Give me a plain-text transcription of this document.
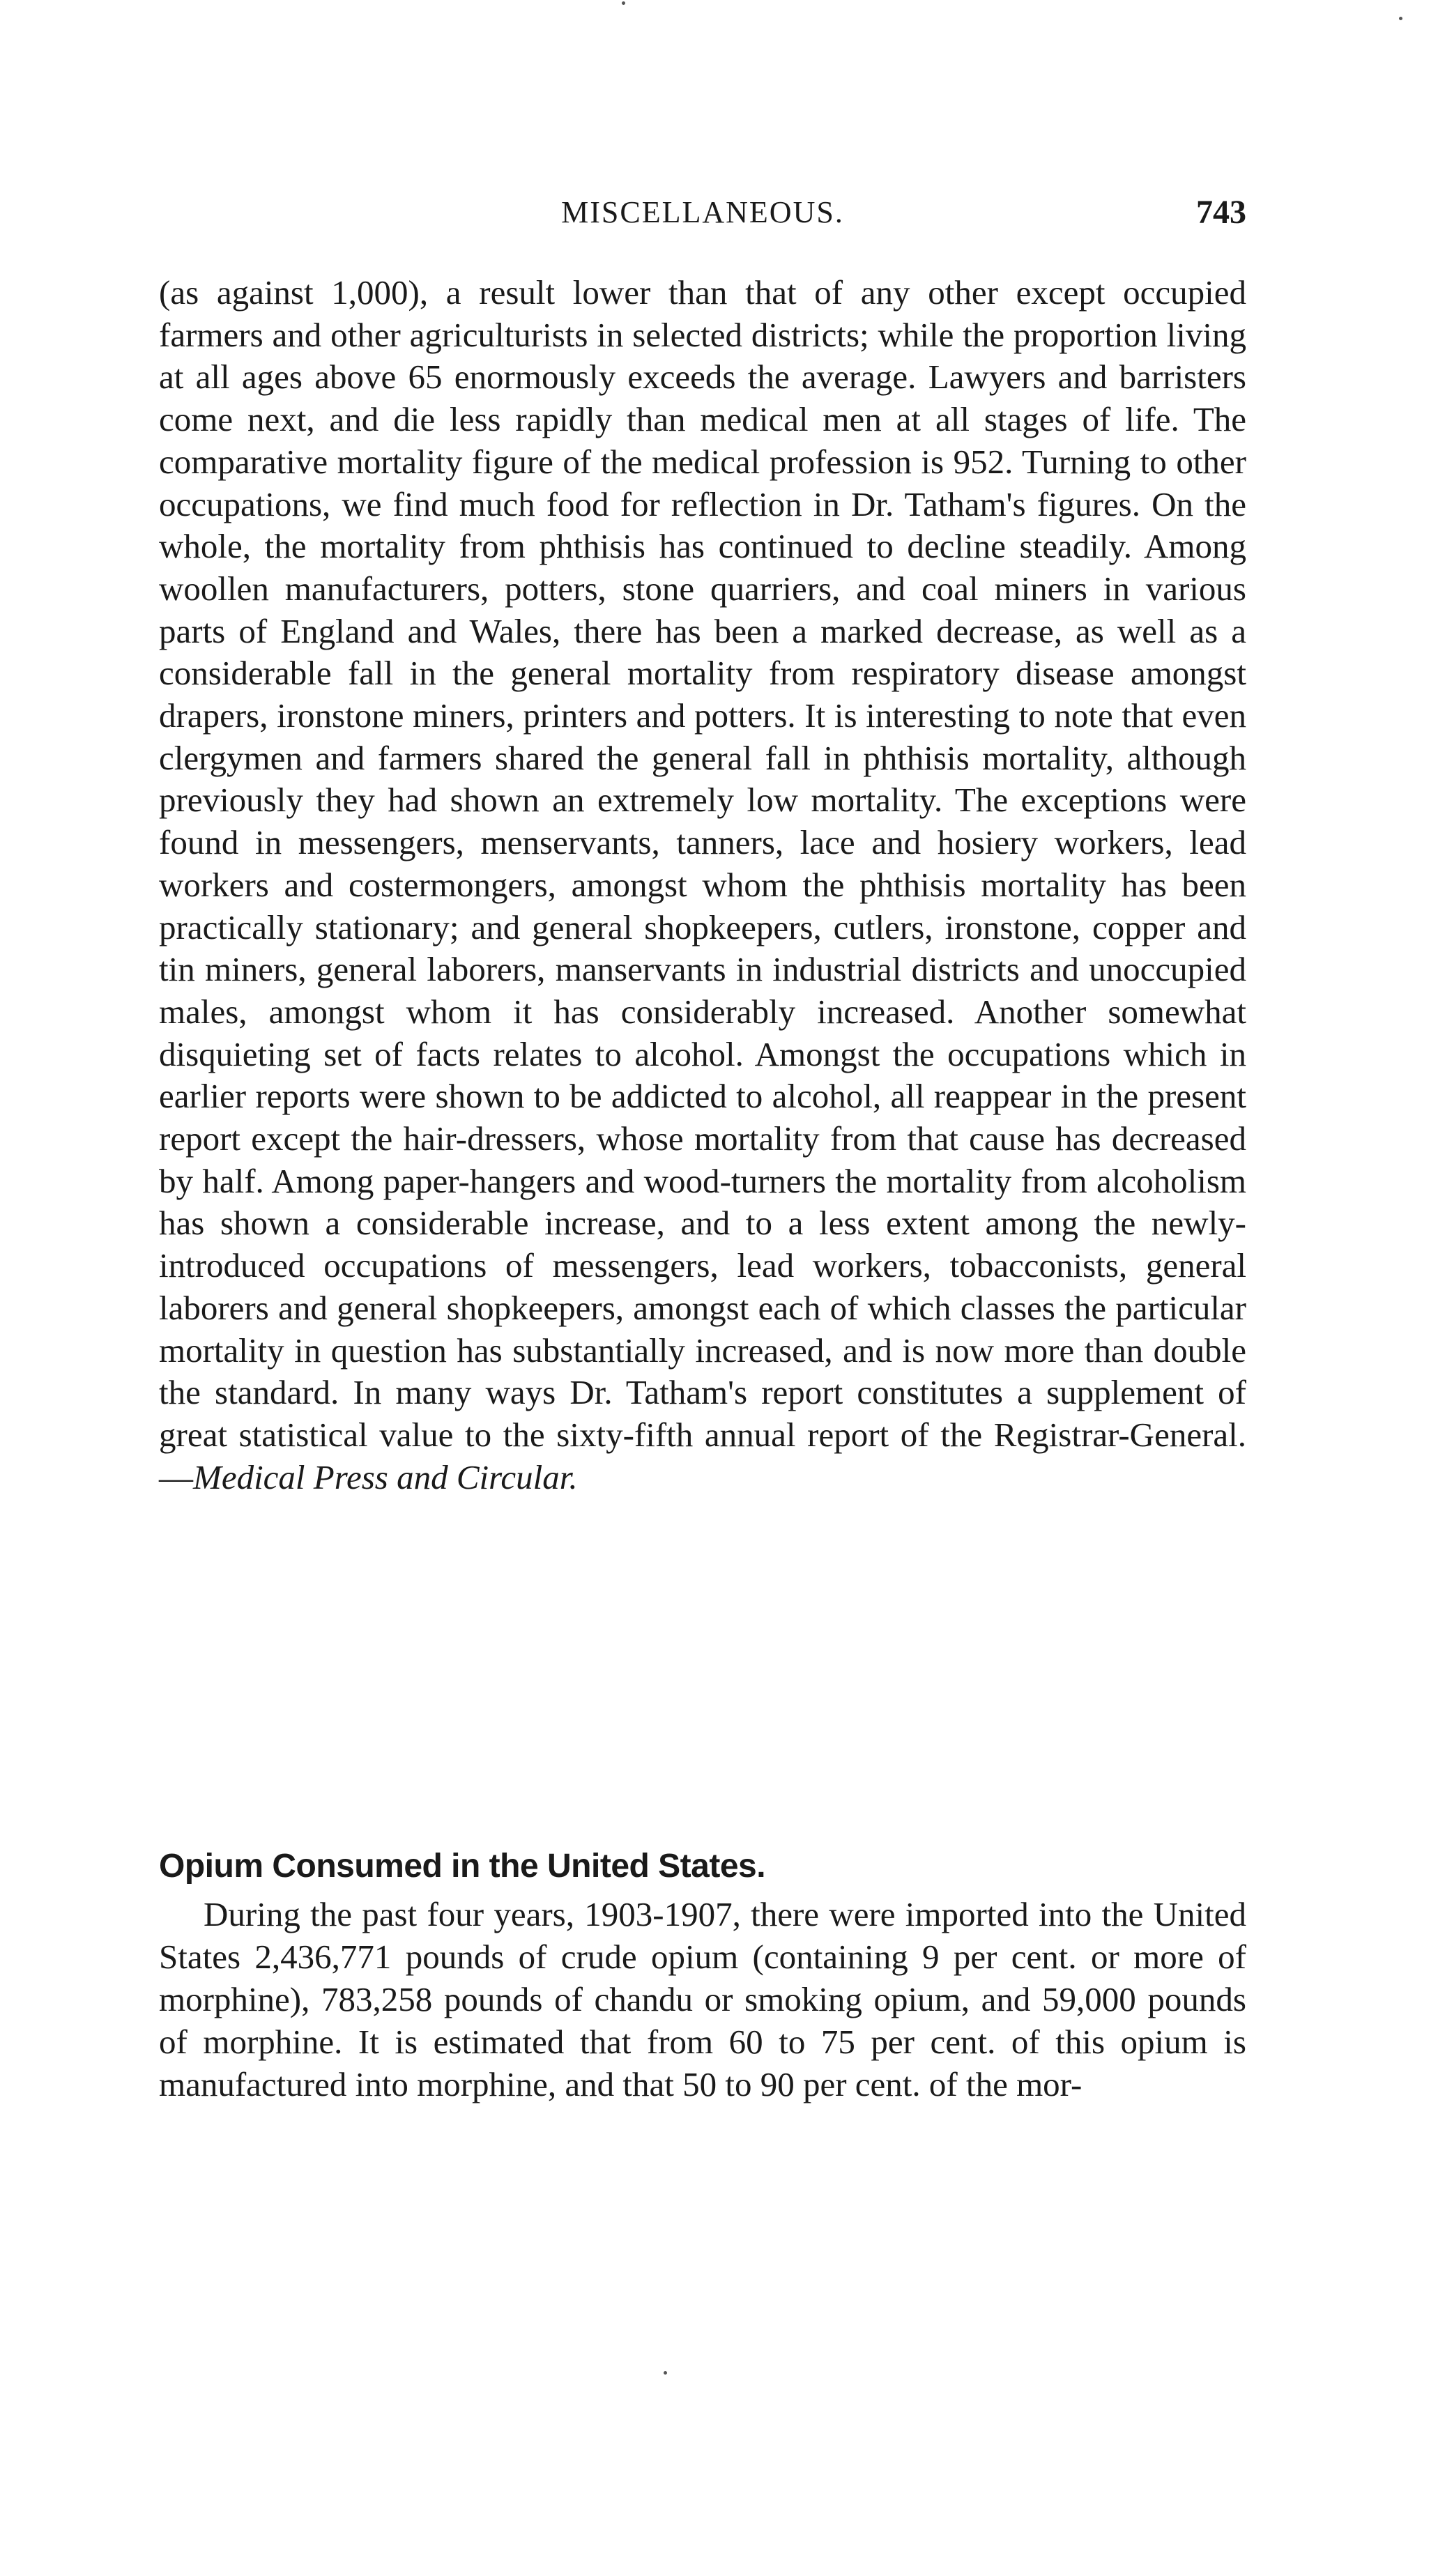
MISCELLANEOUS.	743

(as against 1,000), a result lower than that of any other except occupied farmers and other agriculturists in selected districts; while the proportion living at all ages above 65 enormously exceeds the average. Lawyers and barristers come next, and die less rapidly than medical men at all stages of life. The comparative mortality figure of the medical profession is 952. Turning to other occupations, we find much food for reflection in Dr. Tatham's figures. On the whole, the mortality from phthisis has continued to decline steadily. Among woollen manufacturers, potters, stone quarriers, and coal miners in various parts of England and Wales, there has been a marked decrease, as well as a considerable fall in the general mortality from respiratory disease amongst drapers, ironstone miners, printers and potters. It is interesting to note that even clergymen and farmers shared the general fall in phthisis mortality, although previously they had shown an extremely low mortality. The exceptions were found in messengers, menservants, tanners, lace and hosiery workers, lead workers and costermongers, amongst whom the phthisis mortality has been practically stationary; and general shopkeepers, cutlers, ironstone, copper and tin miners, general laborers, manservants in industrial districts and unoccupied males, amongst whom it has considerably increased. Another somewhat disquieting set of facts relates to alcohol. Amongst the occupations which in earlier reports were shown to be addicted to alcohol, all reappear in the present report except the hair-dressers, whose mortality from that cause has decreased by half. Among paper-hangers and wood-turners the mortality from alcoholism has shown a considerable increase, and to a less extent among the newly-introduced occupations of messengers, lead workers, tobacconists, general laborers and general shopkeepers, amongst each of which classes the particular mortality in question has substantially increased, and is now more than double the standard. In many ways Dr. Tatham's report constitutes a supplement of great statistical value to the sixty-fifth annual report of the Registrar-General.—Medical Press and Circular.

Opium Consumed in the United States.
During the past four years, 1903-1907, there were imported into the United States 2,436,771 pounds of crude opium (containing 9 per cent. or more of morphine), 783,258 pounds of chandu or smoking opium, and 59,000 pounds of morphine. It is estimated that from 60 to 75 per cent. of this opium is manufactured into morphine, and that 50 to 90 per cent. of the mor-
